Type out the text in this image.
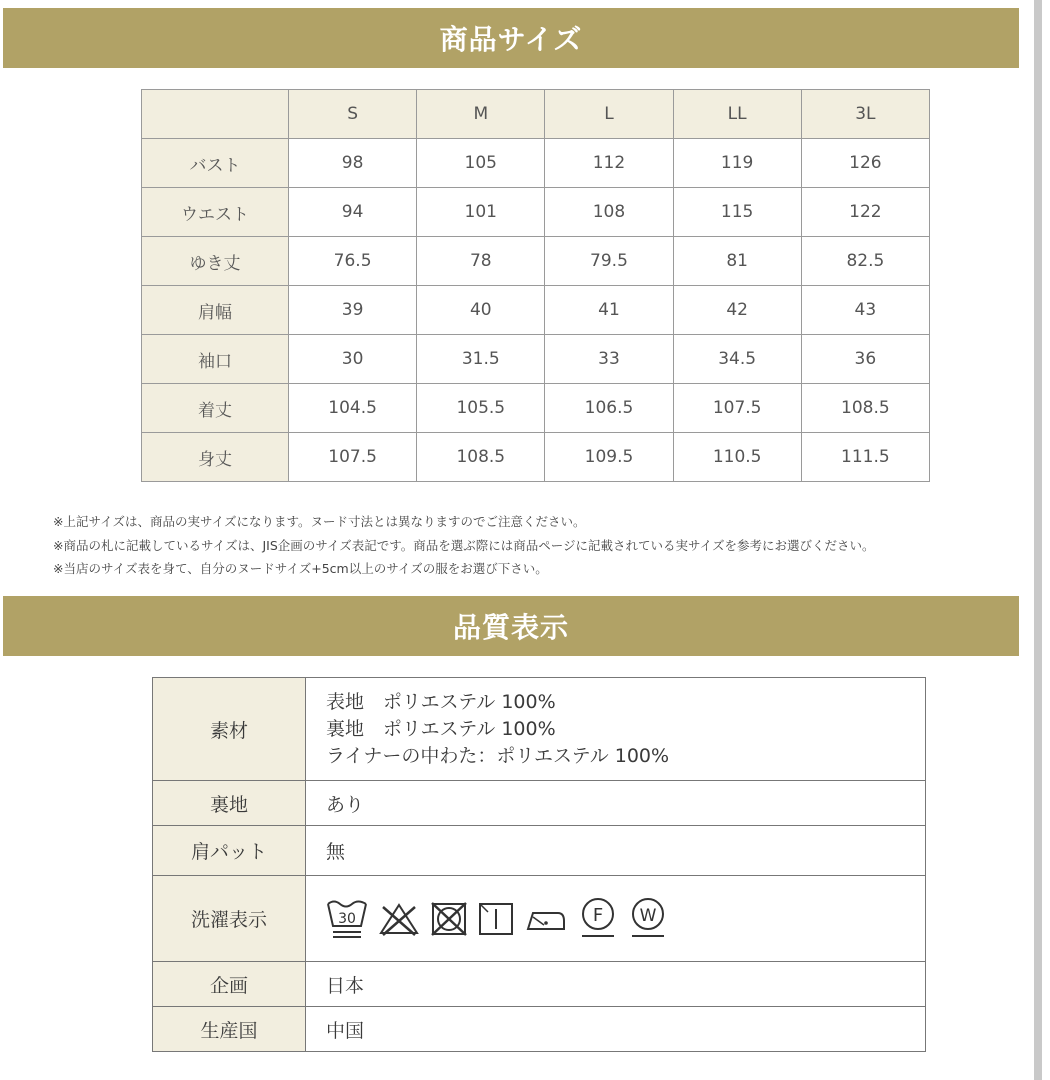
商品サイズ
	S	M	L	LL	3L
バスト	98	105	112	119	126
ウエスト	94	101	108	115	122
ゆき丈	76.5	78	79.5	81	82.5
肩幅	39	40	41	42	43
袖口	30	31.5	33	34.5	36
着丈	104.5	105.5	106.5	107.5	108.5
身丈	107.5	108.5	109.5	110.5	111.5
※上記サイズは、商品の実サイズになります。ヌード寸法とは異なりますのでご注意ください。
※商品の札に記載しているサイズは、JIS企画のサイズ表記です。商品を選ぶ際には商品ページに記載されている実サイズを参考にお選びください。
※当店のサイズ表を身て、自分のヌードサイズ+5cm以上のサイズの服をお選び下さい。
品質表示
素材	表地　ポリエステル 100%
裏地　ポリエステル 100%
ライナーの中わた：ポリエステル 100%

裏地	あり
肩パット	無
洗濯表示	30 F W

企画	日本
生産国	中国
